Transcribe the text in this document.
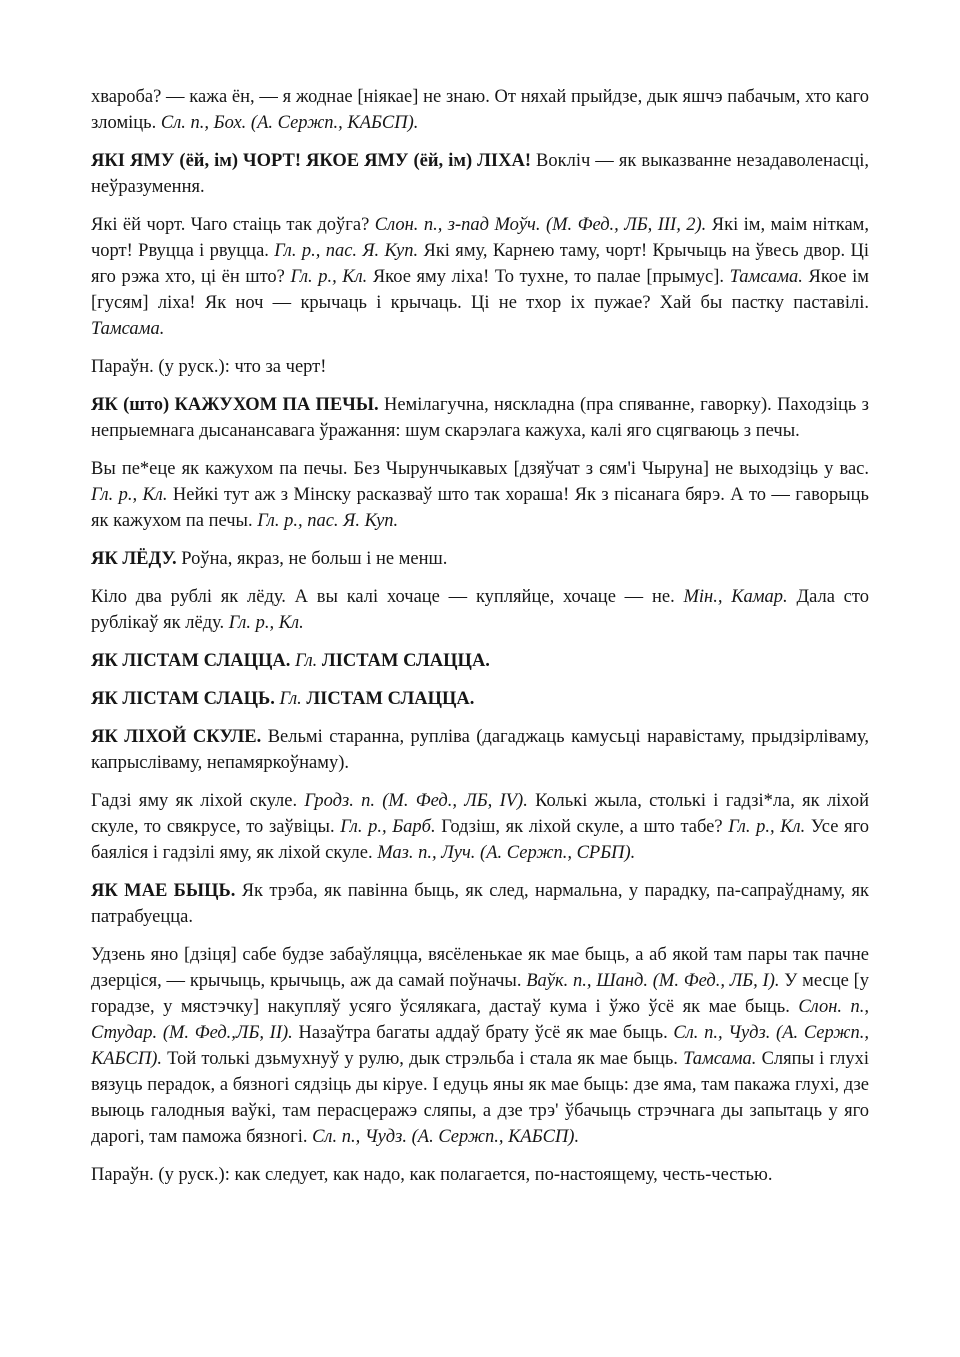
хвароба? — кажа ён, — я жоднае [ніякае] не знаю. От няхай прыйдзе, дык яшчэ пабачым, хто каго зломіць. Сл. п., Бох. (А. Сержп., КАБСП).

ЯКІ ЯМУ (ёй, ім) ЧОРТ! ЯКОЕ ЯМУ (ёй, ім) ЛІХА! Вокліч — як выказванне незадаволенасці, неўразумення.

Які ёй чорт. Чаго стаіць так доўга? Слон. п., з-пад Моўч. (М. Фед., ЛБ, III, 2). Які ім, маім ніткам, чорт! Рвуцца і рвуцца. Гл. р., пас. Я. Куп. Які яму, Карнею таму, чорт! Крычыць на ўвесь двор. Ці яго рэжа хто, ці ён што? Гл. р., Кл. Якое яму ліха! То тухне, то палае [прымус]. Тамсама. Якое ім [гусям] ліха! Як ноч — крычаць і крычаць. Ці не тхор іх пужае? Хай бы пастку паставілі. Тамсама.

Параўн. (у руск.): что за черт!

ЯК (што) КАЖУХОМ ПА ПЕЧЫ. Немілагучна, няскладна (пра спяванне, гаворку). Паходзіць з непрыемнага дысанансавага ўражання: шум скарэлага кажуха, калі яго сцягваюць з печы.

Вы пе*еце як кажухом па печы. Без Чырунчыкавых [дзяўчат з сям'і Чыруна] не выходзіць у вас. Гл. р., Кл. Нейкі тут аж з Мінску расказваў што так хораша! Як з пісанага бярэ. А то — гаворыць як кажухом па печы. Гл. р., пас. Я. Куп.

ЯК ЛЁДУ. Роўна, якраз, не больш і не менш.

Кіло два рублі як лёду. А вы калі хочаце — купляйце, хочаце — не. Мін., Камар. Дала сто рублікаў як лёду. Гл. р., Кл.

ЯК ЛІСТАМ СЛАЦЦА. Гл. ЛІСТАМ СЛАЦЦА.

ЯК ЛІСТАМ СЛАЦЬ. Гл. ЛІСТАМ СЛАЦЦА.

ЯК ЛІХОЙ СКУЛЕ. Вельмі старанна, рупліва (дагаджаць камусьці наравістаму, прыдзірліваму, капрысліваму, непамяркоўнаму).

Гадзі яму як ліхой скуле. Гродз. п. (М. Фед., ЛБ, IV). Колькі жыла, столькі і гадзі*ла, як ліхой скуле, то свякрусе, то заўвіцы. Гл. р., Барб. Годзіш, як ліхой скуле, а што табе? Гл. р., Кл. Усе яго баяліся і гадзілі яму, як ліхой скуле. Маз. п., Луч. (А. Сержп., СРБП).

ЯК МАЕ БЫЦЬ. Як трэба, як павінна быць, як след, нармальна, у парадку, па-сапраўднаму, як патрабуецца.

Удзень яно [дзіця] сабе будзе забаўляцца, вясёленькае як мае быць, а аб якой там пары так пачне дзерціся, — крычыць, крычыць, аж да самай поўначы. Ваўк. п., Шанд. (М. Фед., ЛБ, I). У месце [у горадзе, у мястэчку] накупляў усяго ўсялякага, дастаў кума і ўжо ўсё як мае быць. Слон. п., Студар. (М. Фед.,ЛБ, II). Назаўтра багаты аддаў брату ўсё як мае быць. Сл. п., Чудз. (А. Сержп., КАБСП). Той толькі дзьмухнуў у рулю, дык стрэльба і стала як мае быць. Тамсама. Сляпы і глухі вязуць перадок, а бязногі сядзіць ды кіруе. І едуць яны як мае быць: дзе яма, там пакажа глухі, дзе выюць галодныя ваўкі, там перасцеражэ сляпы, а дзе трэ' ўбачыць стрэчнага ды запытаць у яго дарогі, там паможа бязногі. Сл. п., Чудз. (А. Сержп., КАБСП).

Параўн. (у руск.): как следует, как надо, как полагается, по-настоящему, честь-честью.
